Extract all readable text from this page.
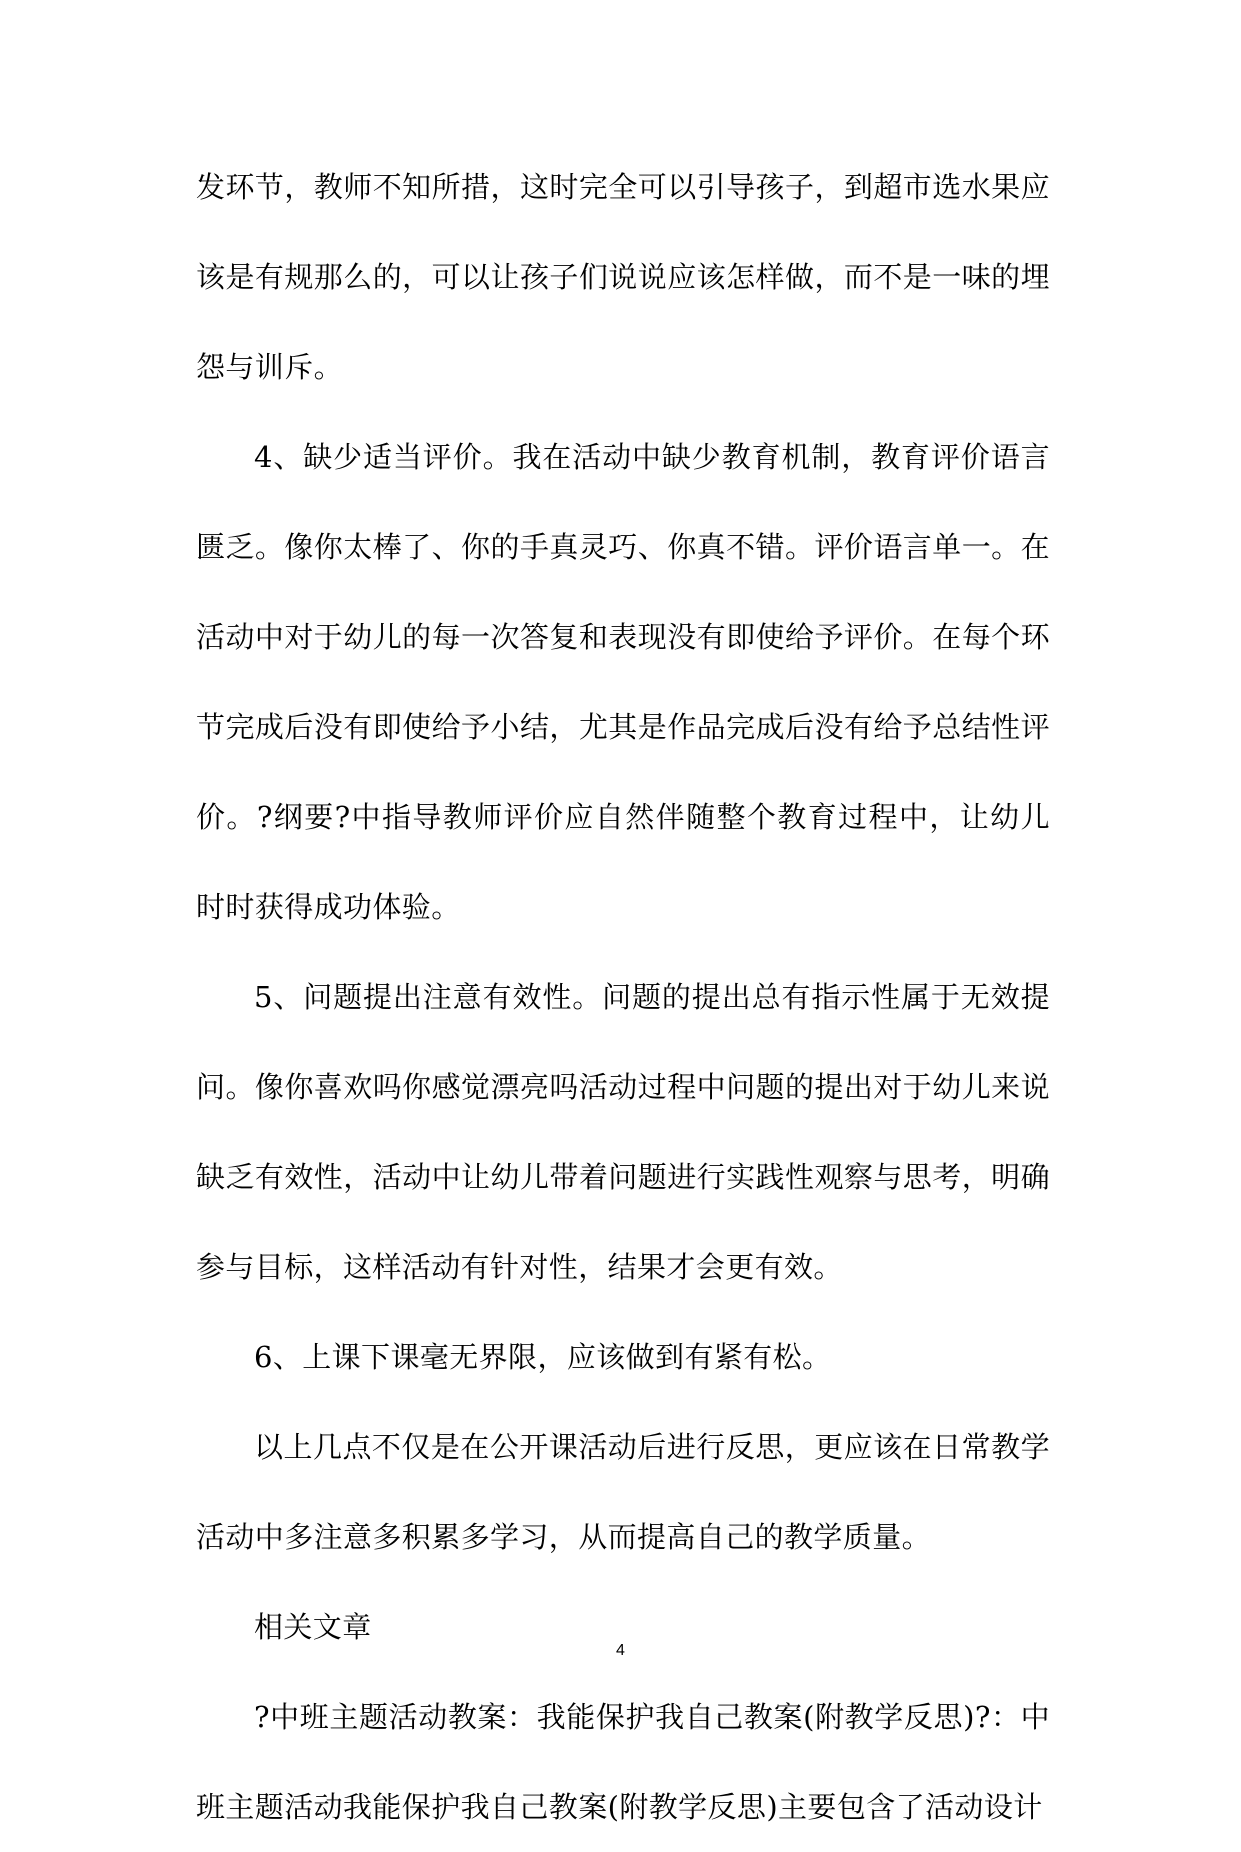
发环节，教师不知所措，这时完全可以引导孩子，到超市选水果应该是有规那么的，可以让孩子们说说应该怎样做，而不是一味的埋怨与训斥。

4、缺少适当评价。我在活动中缺少教育机制，教育评价语言匮乏。像你太棒了、你的手真灵巧、你真不错。评价语言单一。在活动中对于幼儿的每一次答复和表现没有即使给予评价。在每个环节完成后没有即使给予小结，尤其是作品完成后没有给予总结性评价。?纲要?中指导教师评价应自然伴随整个教育过程中，让幼儿时时获得成功体验。

5、问题提出注意有效性。问题的提出总有指示性属于无效提问。像你喜欢吗你感觉漂亮吗活动过程中问题的提出对于幼儿来说缺乏有效性，活动中让幼儿带着问题进行实践性观察与思考，明确参与目标，这样活动有针对性，结果才会更有效。

6、上课下课毫无界限，应该做到有紧有松。

以上几点不仅是在公开课活动后进行反思，更应该在日常教学活动中多注意多积累多学习，从而提高自己的教学质量。

相关文章

?中班主题活动教案：我能保护我自己教案(附教学反思)?：中班主题活动我能保护我自己教案(附教学反思)主要包含了活动设计

4
